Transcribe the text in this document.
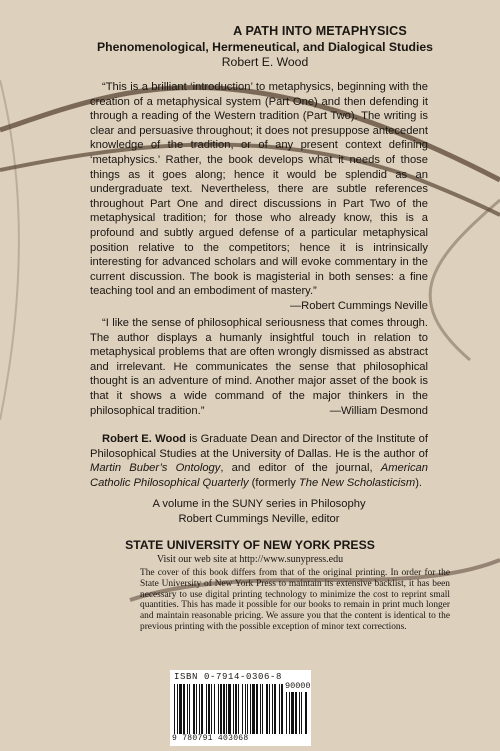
A PATH INTO METAPHYSICS
Phenomenological, Hermeneutical, and Dialogical Studies
Robert E. Wood
“This is a brilliant ‘introduction’ to metaphysics, beginning with the creation of a metaphysical system (Part One) and then defending it through a reading of the Western tradition (Part Two). The writing is clear and persuasive throughout; it does not presuppose antecedent knowledge of the tradition, or of any present context defining ‘metaphysics.’ Rather, the book develops what it needs of those things as it goes along; hence it would be splendid as an undergraduate text. Nevertheless, there are subtle references throughout Part One and direct discussions in Part Two of the metaphysical tradition; for those who already know, this is a profound and subtly argued defense of a particular metaphysical position relative to the competitors; hence it is intrinsically interesting for advanced scholars and will evoke commentary in the current discussion. The book is magisterial in both senses: a fine teaching tool and an embodiment of mastery.”
—Robert Cummings Neville
“I like the sense of philosophical seriousness that comes through. The author displays a humanly insightful touch in relation to metaphysical problems that are often wrongly dismissed as abstract and irrelevant. He communicates the sense that philosophical thought is an adventure of mind. Another major asset of the book is that it shows a wide command of the major thinkers in the philosophical tradition.”	—William Desmond
Robert E. Wood is Graduate Dean and Director of the Institute of Philosophical Studies at the University of Dallas. He is the author of Martin Buber’s Ontology, and editor of the journal, American Catholic Philosophical Quarterly (formerly The New Scholasticism).
A volume in the SUNY series in Philosophy
Robert Cummings Neville, editor
STATE UNIVERSITY OF NEW YORK PRESS
Visit our web site at http://www.sunypress.edu
The cover of this book differs from that of the original printing. In order for the State University of New York Press to maintain its extensive backlist, it has been necessary to use digital printing technology to minimize the cost to reprint small quantities. This has made it possible for our books to remain in print much longer and maintain reasonable pricing. We assure you that the content is identical to the previous printing with the possible exception of minor text corrections.
ISBN 0-7914-0306-8
90000
9 780791 403068
